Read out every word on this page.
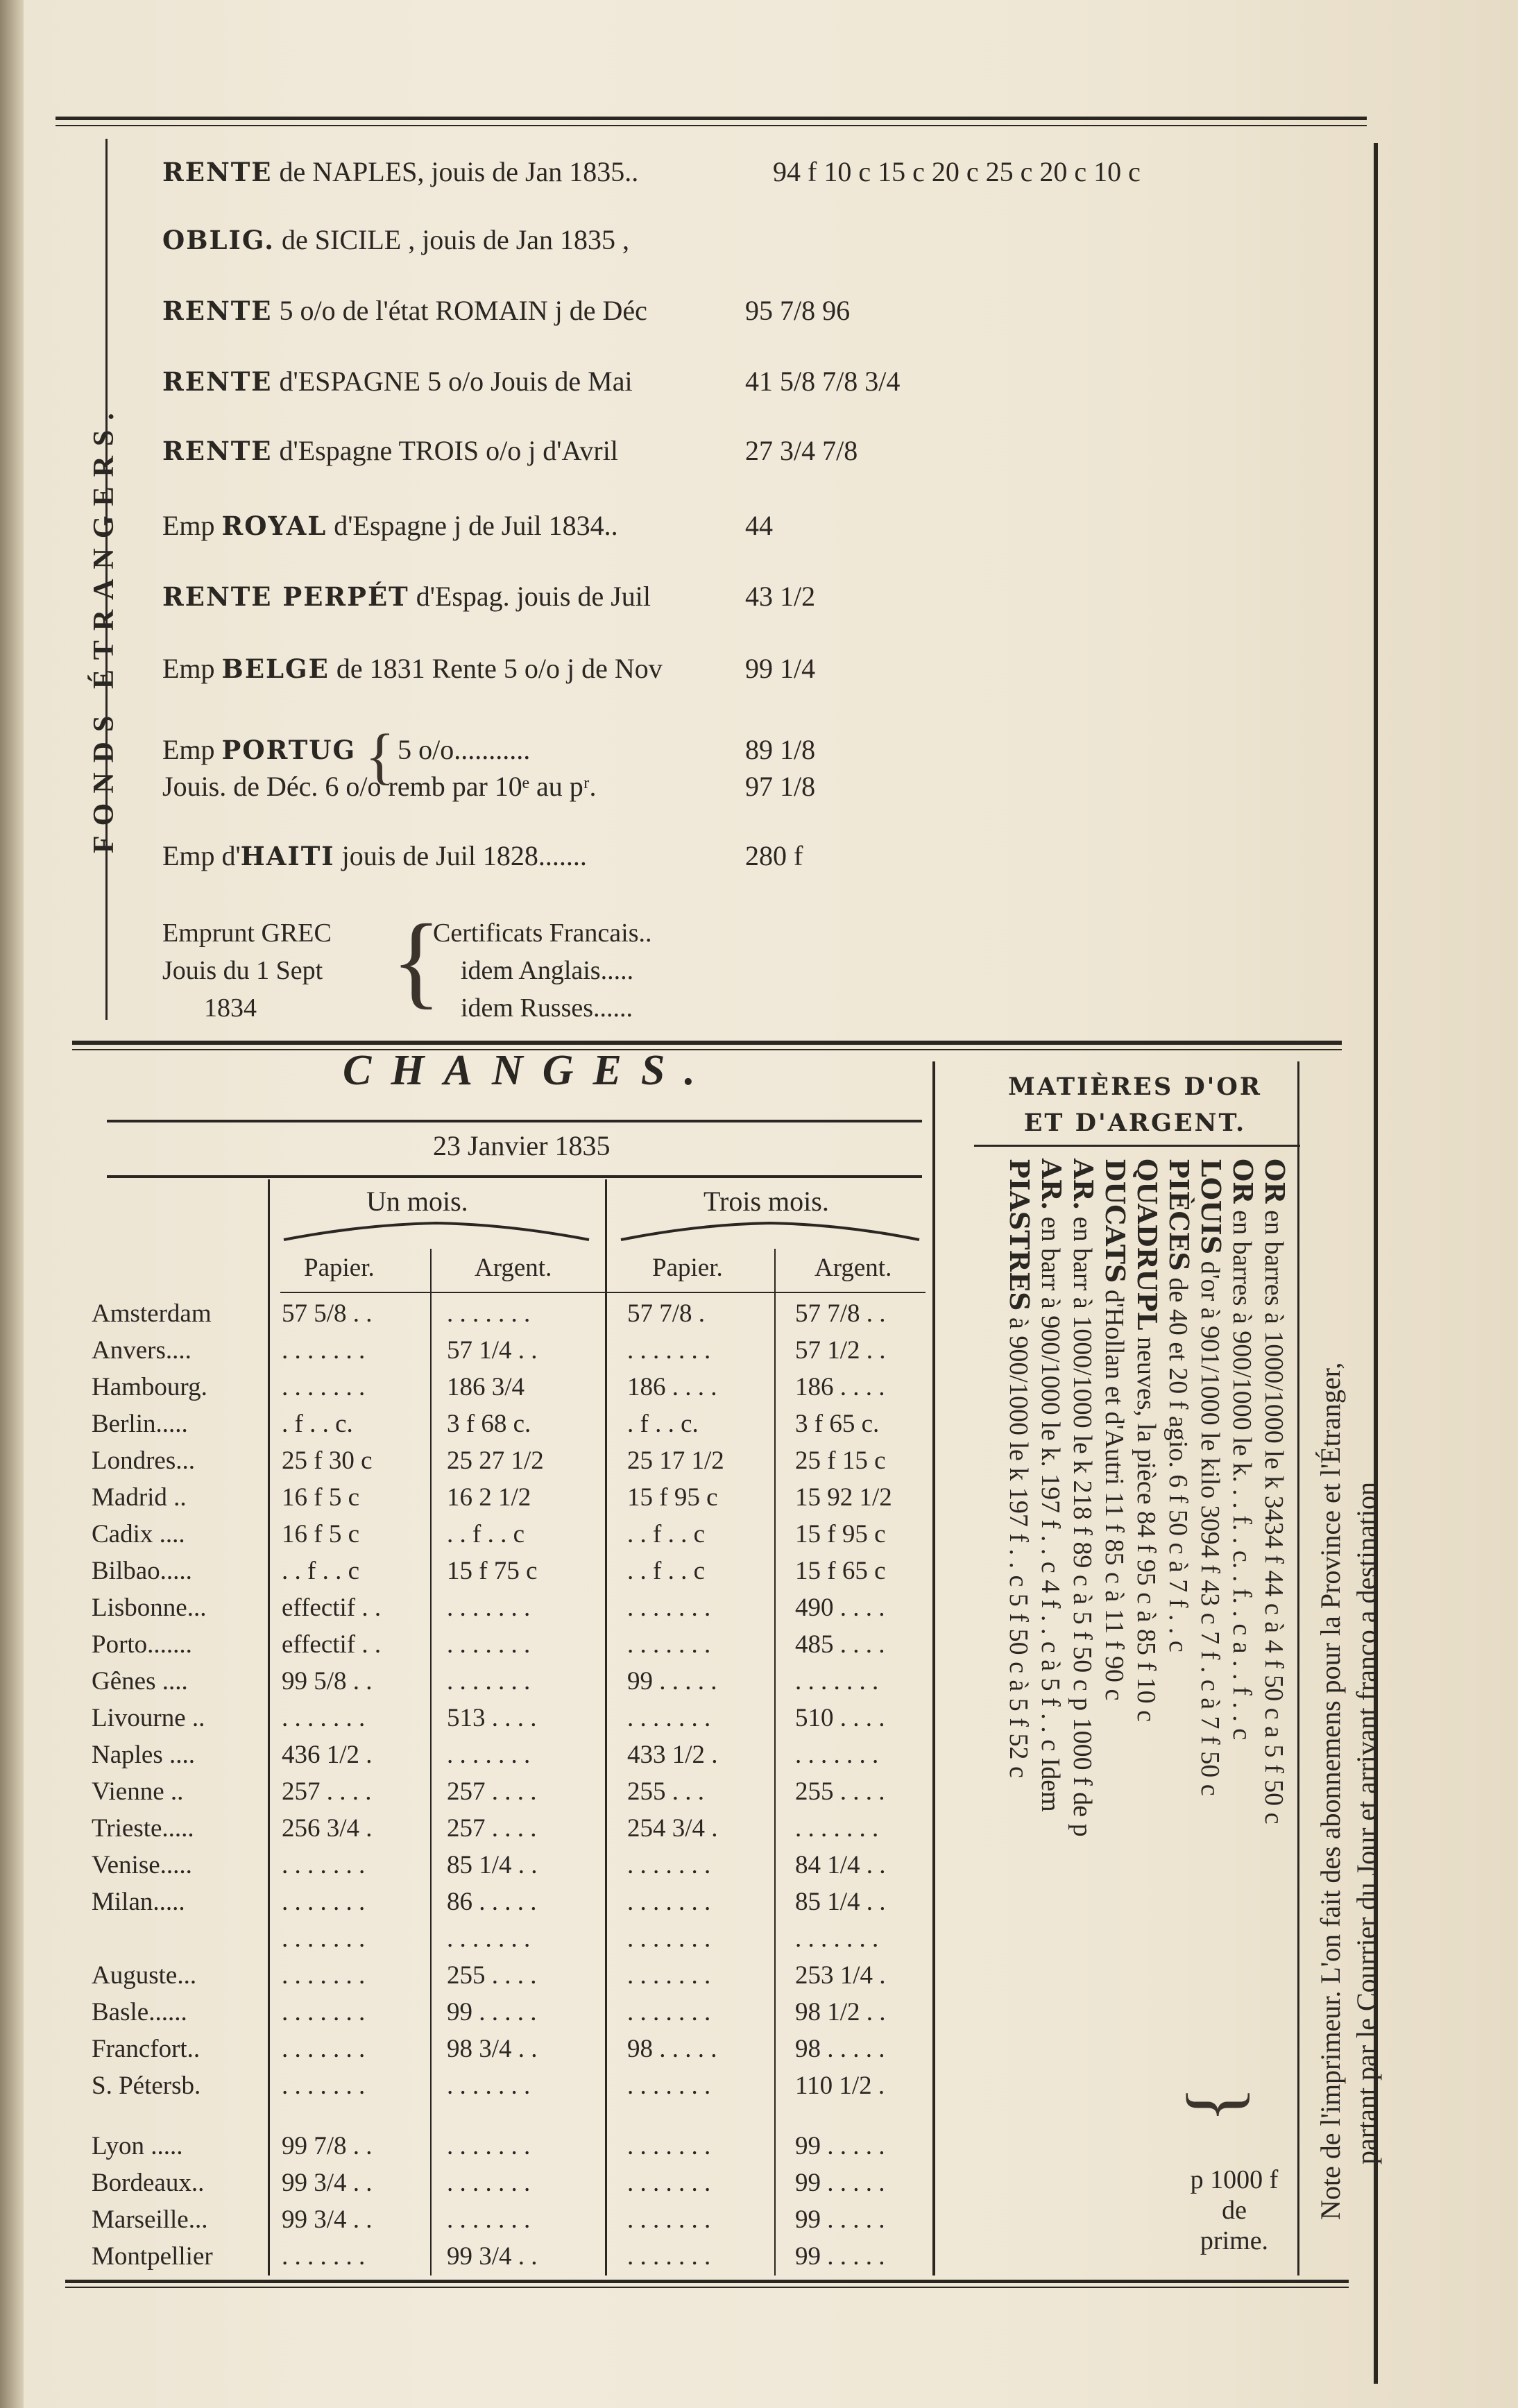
FONDS ÉTRANGERS.
RENTE de NAPLES, jouis de Jan 1835..	94 f 10 c 15 c 20 c 25 c 20 c 10 c
OBLIG. de SICILE , jouis de Jan 1835 ,
RENTE 5 o/o de l'état ROMAIN j de Déc	95 7/8 96
RENTE d'ESPAGNE 5 o/o Jouis de Mai	41 5/8 7/8 3/4
RENTE d'Espagne TROIS o/o j d'Avril	27 3/4 7/8
Emp ROYAL d'Espagne j de Juil 1834..	44
RENTE PERPÉT d'Espag. jouis de Juil	43 1/2
Emp BELGE de 1831 Rente 5 o/o j de Nov	99 1/4
Emp PORTUG 5 o/o...........	89 1/8
Jouis. de Déc. 6 o/o remb par 10ᵉ au pʳ.	97 1/8
{
Emp d'HAITI jouis de Juil 1828.......	280 f
Emprunt GREC
Jouis du 1 Sept
1834	{
Certificats Francais..
idem Anglais.....
idem Russes......
CHANGES.
23 Janvier 1835
Un mois.	Trois mois.
Papier.	Argent.	Papier.	Argent.
Amsterdam	57 5/8 . .	. . . . . . .	57 7/8 .	57 7/8 . .
Anvers....	. . . . . . .	57 1/4 . .	. . . . . . .	57 1/2 . .
Hambourg.	. . . . . . .	186 3/4	186 . . . .	186 . . . .
Berlin.....	. f . . c.	3 f 68 c.	. f . . c.	3 f 65 c.
Londres...	25 f 30 c	25 27 1/2	25 17 1/2	25 f 15 c
Madrid ..	16 f 5 c	16 2 1/2	15 f 95 c	15 92 1/2
Cadix ....	16 f 5 c	. . f . . c	. . f . . c	15 f 95 c
Bilbao.....	. . f . . c	15 f 75 c	. . f . . c	15 f 65 c
Lisbonne...	effectif . .	. . . . . . .	. . . . . . .	490 . . . .
Porto.......	effectif . .	. . . . . . .	. . . . . . .	485 . . . .
Gênes ....	99 5/8 . .	. . . . . . .	99 . . . . .	. . . . . . .
Livourne ..	. . . . . . .	513 . . . .	. . . . . . .	510 . . . .
Naples ....	436 1/2 .	. . . . . . .	433 1/2 .	. . . . . . .
Vienne ..	257 . . . .	257 . . . .	255 . . .	255 . . . .
Trieste.....	256 3/4 .	257 . . . .	254 3/4 .	. . . . . . .
Venise.....	. . . . . . .	85 1/4 . .	. . . . . . .	84 1/4 . .
Milan.....	. . . . . . .	86 . . . . .	. . . . . . .	85 1/4 . .
. . . . . . .	. . . . . . .	. . . . . . .	. . . . . . .
Auguste...	. . . . . . .	255 . . . .	. . . . . . .	253 1/4 .
Basle......	. . . . . . .	99 . . . . .	. . . . . . .	98 1/2 . .
Francfort..	. . . . . . .	98 3/4 . .	98 . . . . .	98 . . . . .
S. Pétersb.	. . . . . . .	. . . . . . .	. . . . . . .	110 1/2 .
Lyon .....	99 7/8 . .	. . . . . . .	. . . . . . .	99 . . . . .
Bordeaux..	99 3/4 . .	. . . . . . .	. . . . . . .	99 . . . . .
Marseille...	99 3/4 . .	. . . . . . .	. . . . . . .	99 . . . . .
Montpellier	. . . . . . .	99 3/4 . .	. . . . . . .	99 . . . . .
MATIÈRES D'OR
ET D'ARGENT.
OR en barres à 1000/1000 le k 3434 f 44 c à 4 f 50 c a 5 f 50 c
OR en barres à 900/1000 le k. . . f. . c. . f. . c a . . f . . c
LOUIS d'or à 901/1000 le kilo 3094 f 43 c 7 f . c à 7 f 50 c
PIÈCES de 40 et 20 f agio. 6 f 50 c à 7 f . . c
QUADRUPL neuves, la pièce 84 f 95 c à 85 f 10 c
DUCATS d'Hollan et d'Autri 11 f 85 c à 11 f 90 c
AR. en barr à 1000/1000 le k 218 f 89 c à 5 f 50 c p 1000 f de p
AR. en barr à 900/1000 le k. 197 f . . c 4 f . . c à 5 f . . c Idem
PIASTRES à 900/1000 le k 197 f . . c 5 f 50 c à 5 f 52 c
{
p 1000 f
de
prime.
Note de l'imprimeur. L'on fait des abonnemens pour la Province et l'Étranger, partant par le Courrier du Jour et arrivant franco a destination
